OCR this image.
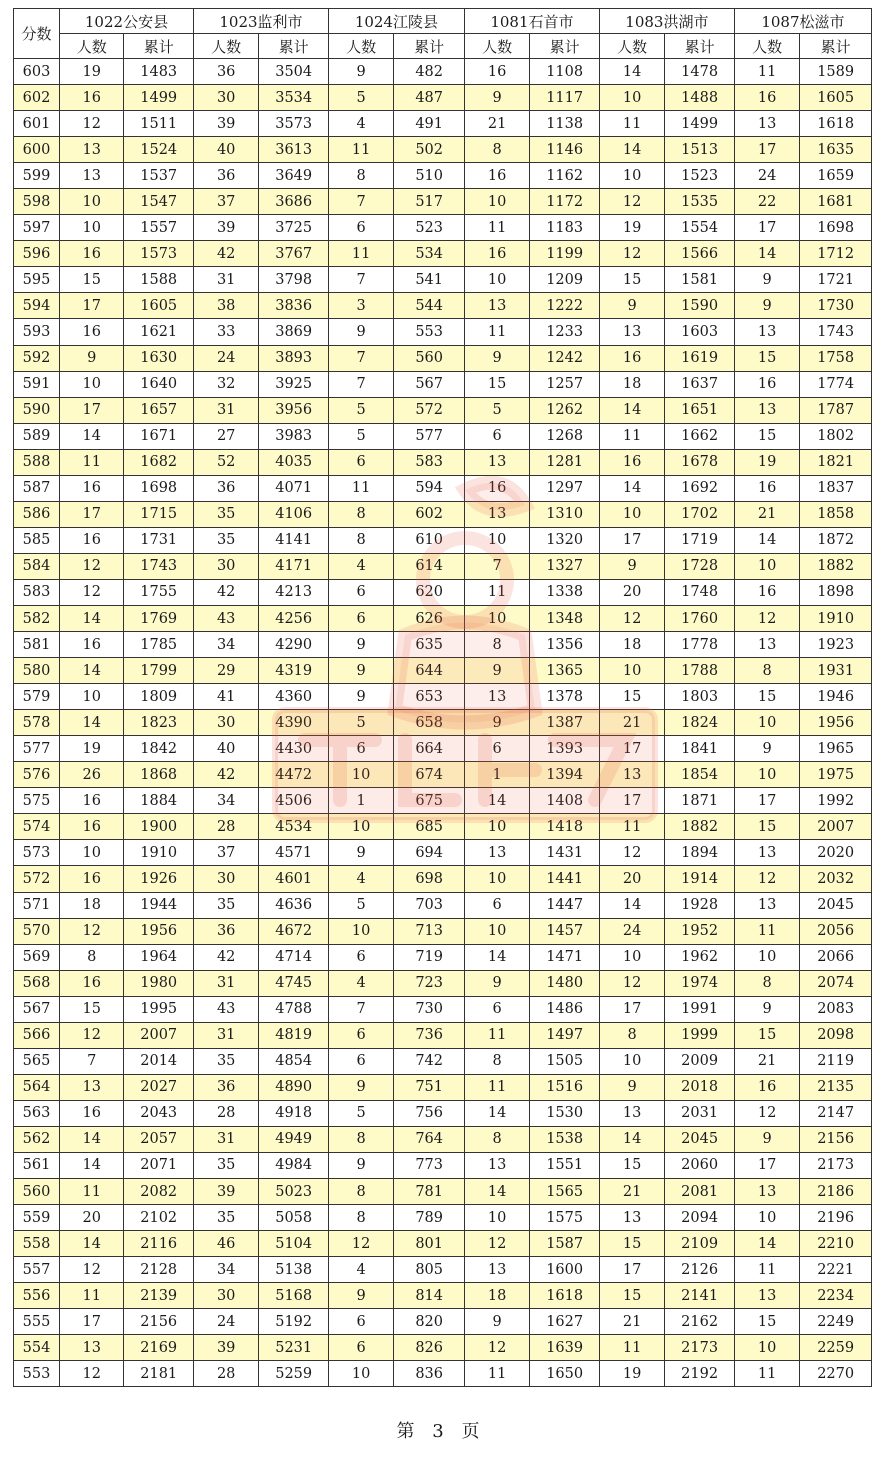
分数	1022公安县		1023监利市		1024江陵县		1081石首市		1083洪湖市		1087松滋市	
	人数	累计	人数	累计	人数	累计	人数	累计	人数	累计	人数	累计
603	19	1483	36	3504	9	482	16	1108	14	1478	11	1589
602	16	1499	30	3534	5	487	9	1117	10	1488	16	1605
601	12	1511	39	3573	4	491	21	1138	11	1499	13	1618
600	13	1524	40	3613	11	502	8	1146	14	1513	17	1635
599	13	1537	36	3649	8	510	16	1162	10	1523	24	1659
598	10	1547	37	3686	7	517	10	1172	12	1535	22	1681
597	10	1557	39	3725	6	523	11	1183	19	1554	17	1698
596	16	1573	42	3767	11	534	16	1199	12	1566	14	1712
595	15	1588	31	3798	7	541	10	1209	15	1581	9	1721
594	17	1605	38	3836	3	544	13	1222	9	1590	9	1730
593	16	1621	33	3869	9	553	11	1233	13	1603	13	1743
592	9	1630	24	3893	7	560	9	1242	16	1619	15	1758
591	10	1640	32	3925	7	567	15	1257	18	1637	16	1774
590	17	1657	31	3956	5	572	5	1262	14	1651	13	1787
589	14	1671	27	3983	5	577	6	1268	11	1662	15	1802
588	11	1682	52	4035	6	583	13	1281	16	1678	19	1821
587	16	1698	36	4071	11	594	16	1297	14	1692	16	1837
586	17	1715	35	4106	8	602	13	1310	10	1702	21	1858
585	16	1731	35	4141	8	610	10	1320	17	1719	14	1872
584	12	1743	30	4171	4	614	7	1327	9	1728	10	1882
583	12	1755	42	4213	6	620	11	1338	20	1748	16	1898
582	14	1769	43	4256	6	626	10	1348	12	1760	12	1910
581	16	1785	34	4290	9	635	8	1356	18	1778	13	1923
580	14	1799	29	4319	9	644	9	1365	10	1788	8	1931
579	10	1809	41	4360	9	653	13	1378	15	1803	15	1946
578	14	1823	30	4390	5	658	9	1387	21	1824	10	1956
577	19	1842	40	4430	6	664	6	1393	17	1841	9	1965
576	26	1868	42	4472	10	674	1	1394	13	1854	10	1975
575	16	1884	34	4506	1	675	14	1408	17	1871	17	1992
574	16	1900	28	4534	10	685	10	1418	11	1882	15	2007
573	10	1910	37	4571	9	694	13	1431	12	1894	13	2020
572	16	1926	30	4601	4	698	10	1441	20	1914	12	2032
571	18	1944	35	4636	5	703	6	1447	14	1928	13	2045
570	12	1956	36	4672	10	713	10	1457	24	1952	11	2056
569	8	1964	42	4714	6	719	14	1471	10	1962	10	2066
568	16	1980	31	4745	4	723	9	1480	12	1974	8	2074
567	15	1995	43	4788	7	730	6	1486	17	1991	9	2083
566	12	2007	31	4819	6	736	11	1497	8	1999	15	2098
565	7	2014	35	4854	6	742	8	1505	10	2009	21	2119
564	13	2027	36	4890	9	751	11	1516	9	2018	16	2135
563	16	2043	28	4918	5	756	14	1530	13	2031	12	2147
562	14	2057	31	4949	8	764	8	1538	14	2045	9	2156
561	14	2071	35	4984	9	773	13	1551	15	2060	17	2173
560	11	2082	39	5023	8	781	14	1565	21	2081	13	2186
559	20	2102	35	5058	8	789	10	1575	13	2094	10	2196
558	14	2116	46	5104	12	801	12	1587	15	2109	14	2210
557	12	2128	34	5138	4	805	13	1600	17	2126	11	2221
556	11	2139	30	5168	9	814	18	1618	15	2141	13	2234
555	17	2156	24	5192	6	820	9	1627	21	2162	15	2249
554	13	2169	39	5231	6	826	12	1639	11	2173	10	2259
553	12	2181	28	5259	10	836	11	1650	19	2192	11	2270
第 3 页
